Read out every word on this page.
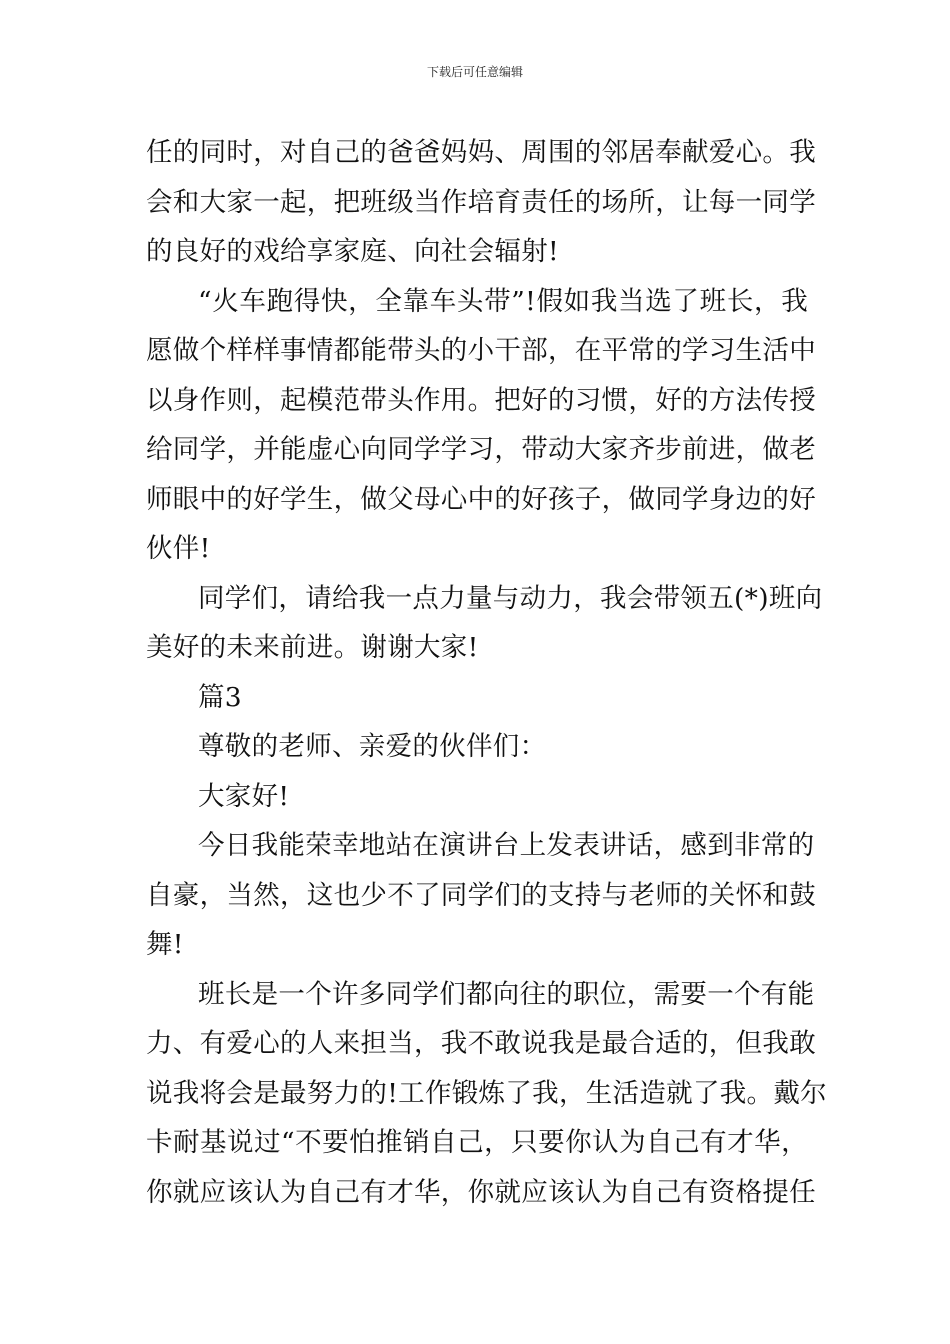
下载后可任意编辑
任的同时，对自己的爸爸妈妈、周围的邻居奉献爱心。我
会和大家一起，把班级当作培育责任的场所，让每一同学
的良好的戏给享家庭、向社会辐射!
“火车跑得快，全靠车头带”!假如我当选了班长，我
愿做个样样事情都能带头的小干部，在平常的学习生活中
以身作则，起模范带头作用。把好的习惯，好的方法传授
给同学，并能虚心向同学学习，带动大家齐步前进，做老
师眼中的好学生，做父母心中的好孩子，做同学身边的好
伙伴!
同学们，请给我一点力量与动力，我会带领五(*)班向
美好的未来前进。谢谢大家!
篇3
尊敬的老师、亲爱的伙伴们：
大家好!
今日我能荣幸地站在演讲台上发表讲话，感到非常的
自豪，当然，这也少不了同学们的支持与老师的关怀和鼓
舞!
班长是一个许多同学们都向往的职位，需要一个有能
力、有爱心的人来担当，我不敢说我是最合适的，但我敢
说我将会是最努力的!工作锻炼了我，生活造就了我。戴尔
卡耐基说过“不要怕推销自己，只要你认为自己有才华，
你就应该认为自己有才华，你就应该认为自己有资格提任
